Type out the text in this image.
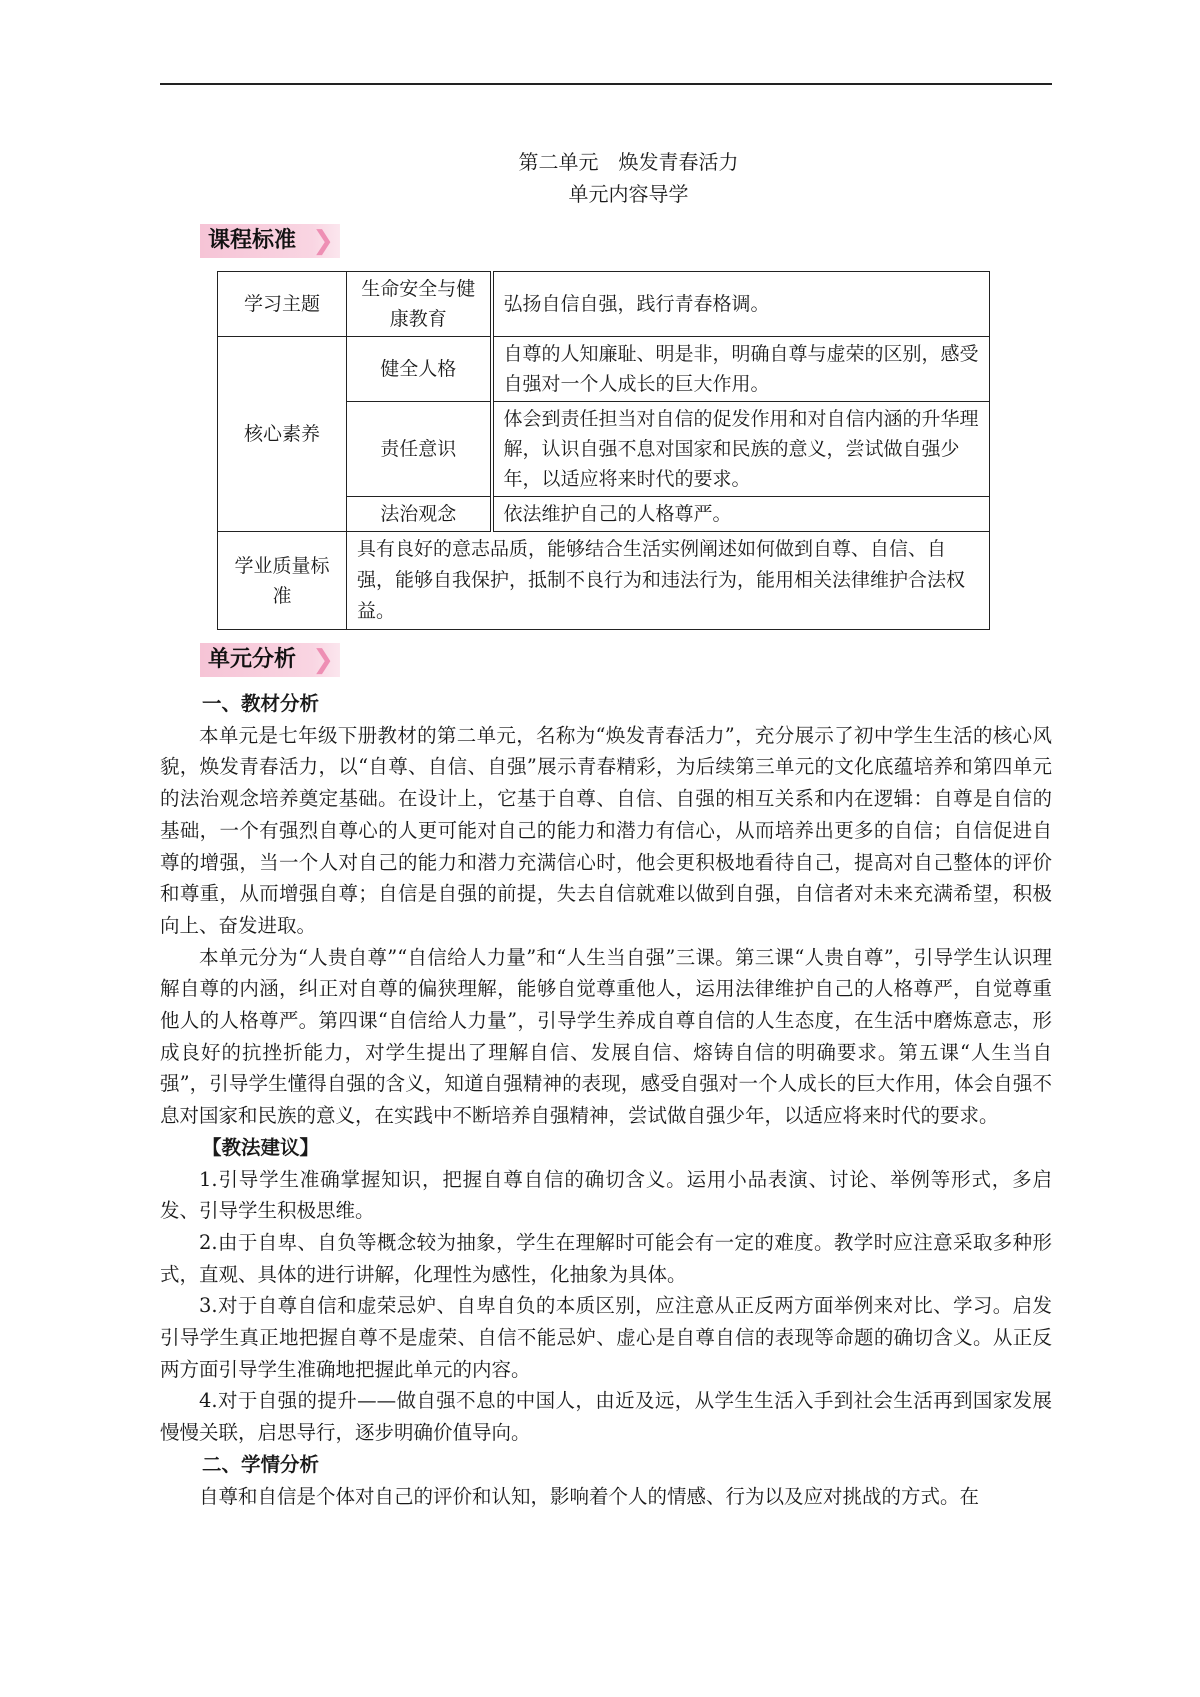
第二单元　焕发青春活力
单元内容导学
课程标准 ❯
学习主题	生命安全与健康教育	弘扬自信自强，践行青春格调。
核心素养	健全人格	自尊的人知廉耻、明是非，明确自尊与虚荣的区别，感受自强对一个人成长的巨大作用。
	责任意识	体会到责任担当对自信的促发作用和对自信内涵的升华理解，认识自强不息对国家和民族的意义，尝试做自强少年，以适应将来时代的要求。
	法治观念	依法维护自己的人格尊严。
学业质量标准	具有良好的意志品质，能够结合生活实例阐述如何做到自尊、自信、自强，能够自我保护，抵制不良行为和违法行为，能用相关法律维护合法权益。	
单元分析 ❯
一、教材分析

本单元是七年级下册教材的第二单元，名称为“焕发青春活力”，充分展示了初中学生生活的核心风貌，焕发青春活力，以“自尊、自信、自强”展示青春精彩，为后续第三单元的文化底蕴培养和第四单元的法治观念培养奠定基础。在设计上，它基于自尊、自信、自强的相互关系和内在逻辑：自尊是自信的基础，一个有强烈自尊心的人更可能对自己的能力和潜力有信心，从而培养出更多的自信；自信促进自尊的增强，当一个人对自己的能力和潜力充满信心时，他会更积极地看待自己，提高对自己整体的评价和尊重，从而增强自尊；自信是自强的前提，失去自信就难以做到自强，自信者对未来充满希望，积极向上、奋发进取。

本单元分为“人贵自尊”“自信给人力量”和“人生当自强”三课。第三课“人贵自尊”，引导学生认识理解自尊的内涵，纠正对自尊的偏狭理解，能够自觉尊重他人，运用法律维护自己的人格尊严，自觉尊重他人的人格尊严。第四课“自信给人力量”，引导学生养成自尊自信的人生态度，在生活中磨炼意志，形成良好的抗挫折能力，对学生提出了理解自信、发展自信、熔铸自信的明确要求。第五课“人生当自强”，引导学生懂得自强的含义，知道自强精神的表现，感受自强对一个人成长的巨大作用，体会自强不息对国家和民族的意义，在实践中不断培养自强精神，尝试做自强少年，以适应将来时代的要求。

【教法建议】

1.引导学生准确掌握知识，把握自尊自信的确切含义。运用小品表演、讨论、举例等形式，多启发、引导学生积极思维。

2.由于自卑、自负等概念较为抽象，学生在理解时可能会有一定的难度。教学时应注意采取多种形式，直观、具体的进行讲解，化理性为感性，化抽象为具体。

3.对于自尊自信和虚荣忌妒、自卑自负的本质区别，应注意从正反两方面举例来对比、学习。启发引导学生真正地把握自尊不是虚荣、自信不能忌妒、虚心是自尊自信的表现等命题的确切含义。从正反两方面引导学生准确地把握此单元的内容。

4.对于自强的提升——做自强不息的中国人，由近及远，从学生生活入手到社会生活再到国家发展慢慢关联，启思导行，逐步明确价值导向。

二、学情分析

自尊和自信是个体对自己的评价和认知，影响着个人的情感、行为以及应对挑战的方式。在
